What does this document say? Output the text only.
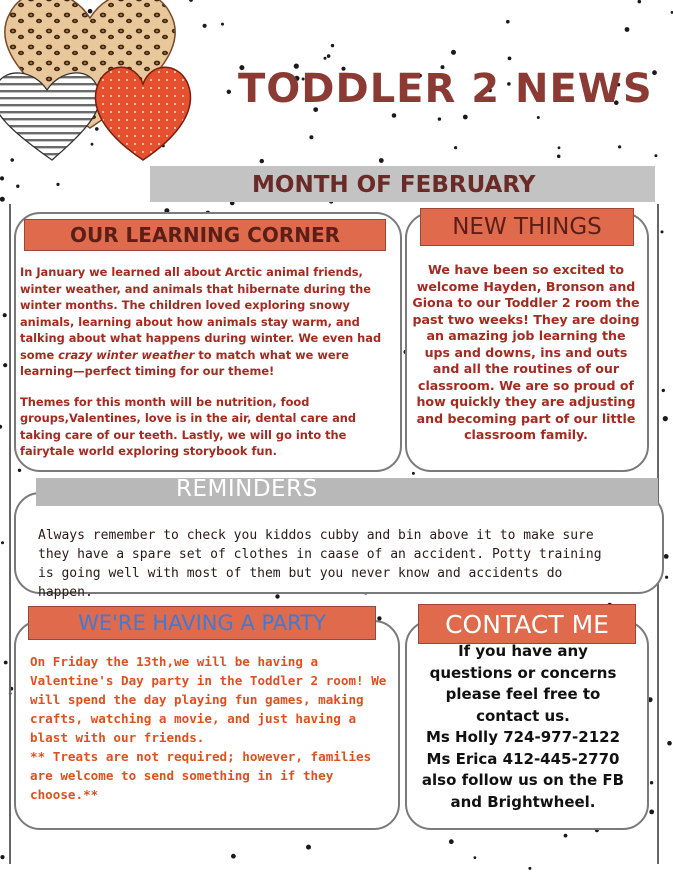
TODDLER 2 NEWS
MONTH OF FEBRUARY
OUR LEARNING CORNER

In January we learned all about Arctic animal friends, winter weather, and animals that hibernate during the winter months. The children loved exploring snowy animals, learning about how animals stay warm, and talking about what happens during winter. We even had some crazy winter weather to match what we were learning—perfect timing for our theme!

Themes for this month will be nutrition, food groups,Valentines, love is in the air, dental care and taking care of our teeth. Lastly, we will go into the fairytale world exploring storybook fun.

NEW THINGS
We have been so excited to welcome Hayden, Bronson and Giona to our Toddler 2 room the past two weeks! They are doing an amazing job learning the ups and downs, ins and outs and all the routines of our classroom. We are so proud of how quickly they are adjusting and becoming part of our little classroom family.
REMINDERS
Always remember to check you kiddos cubby and bin above it to make sure they have a spare set of clothes in caase of an accident. Potty training is going well with most of them but you never know and accidents do happen.
WE'RE HAVING A PARTY
On Friday the 13th,we will be having a Valentine's Day party in the Toddler 2 room! We will spend the day playing fun games, making crafts, watching a movie, and just having a blast with our friends.
** Treats are not required; however, families are welcome to send something in if they choose.**
CONTACT ME
If you have any questions or concerns please feel free to contact us.
Ms Holly 724-977-2122
Ms Erica 412-445-2770
also follow us on the FB and Brightwheel.
